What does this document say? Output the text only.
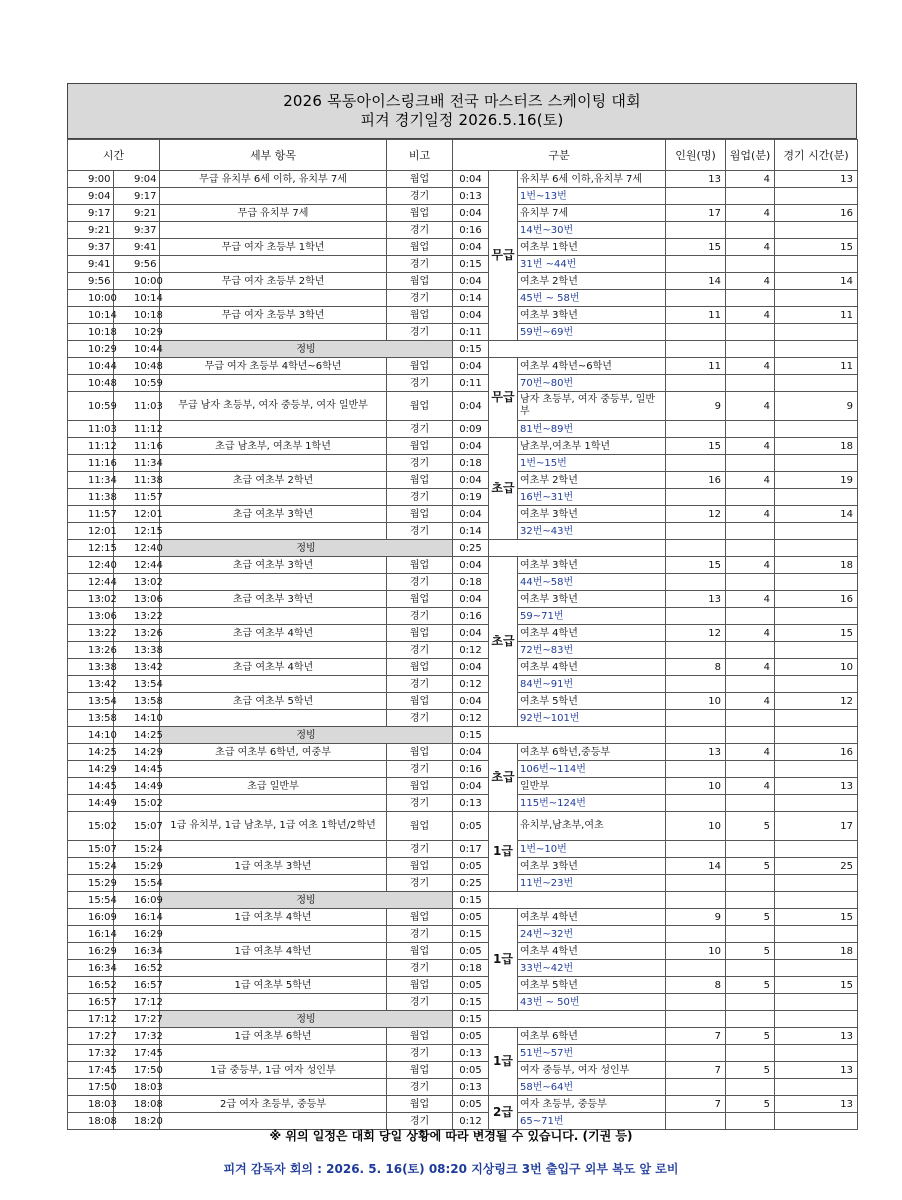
2026 목동아이스링크배 전국 마스터즈 스케이팅 대회
피겨 경기일정 2026.5.16(토)
시간		세부 항목	비고	구분			인원(명)	웜업(분)	경기 시간(분)
9:00	9:04	무급 유치부 6세 이하, 유치부 7세	웜업	0:04	무급	유치부 6세 이하,유치부 7세	13	4	13
9:04	9:17		경기	0:13		1번~13번			
9:17	9:21	무급 유치부 7세	웜업	0:04		유치부 7세	17	4	16
9:21	9:37		경기	0:16		14번~30번			
9:37	9:41	무급 여자 초등부 1학년	웜업	0:04		여초부 1학년	15	4	15
9:41	9:56		경기	0:15		31번 ~44번			
9:56	10:00	무급 여자 초등부 2학년	웜업	0:04		여초부 2학년	14	4	14
10:00	10:14		경기	0:14		45번 ~ 58번			
10:14	10:18	무급 여자 초등부 3학년	웜업	0:04		여초부 3학년	11	4	11
10:18	10:29		경기	0:11		59번~69번			
10:29	10:44	정빙		0:15					
10:44	10:48	무급 여자 초등부 4학년~6학년	웜업	0:04	무급	여초부 4학년~6학년	11	4	11
10:48	10:59		경기	0:11		70번~80번			
10:59	11:03	무급 남자 초등부, 여자 중등부, 여자 일반부	웜업	0:04		남자 초등부, 여자 중등부, 일반부	9	4	9
11:03	11:12		경기	0:09		81번~89번			
11:12	11:16	초급 남초부, 여초부 1학년	웜업	0:04	초급	남초부,여초부 1학년	15	4	18
11:16	11:34		경기	0:18		1번~15번			
11:34	11:38	초급 여초부 2학년	웜업	0:04		여초부 2학년	16	4	19
11:38	11:57		경기	0:19		16번~31번			
11:57	12:01	초급 여초부 3학년	웜업	0:04		여초부 3학년	12	4	14
12:01	12:15		경기	0:14		32번~43번			
12:15	12:40	정빙		0:25					
12:40	12:44	초급 여초부 3학년	웜업	0:04	초급	여초부 3학년	15	4	18
12:44	13:02		경기	0:18		44번~58번			
13:02	13:06	초급 여초부 3학년	웜업	0:04		여초부 3학년	13	4	16
13:06	13:22		경기	0:16		59~71번			
13:22	13:26	초급 여초부 4학년	웜업	0:04		여초부 4학년	12	4	15
13:26	13:38		경기	0:12		72번~83번			
13:38	13:42	초급 여초부 4학년	웜업	0:04		여초부 4학년	8	4	10
13:42	13:54		경기	0:12		84번~91번			
13:54	13:58	초급 여초부 5학년	웜업	0:04		여초부 5학년	10	4	12
13:58	14:10		경기	0:12		92번~101번			
14:10	14:25	정빙		0:15					
14:25	14:29	초급 여초부 6학년, 여중부	웜업	0:04	초급	여초부 6학년,중등부	13	4	16
14:29	14:45		경기	0:16		106번~114번			
14:45	14:49	초급 일반부	웜업	0:04		일반부	10	4	13
14:49	15:02		경기	0:13		115번~124번			
15:02	15:07	1급 유치부, 1급 남초부, 1급 여초 1학년/2학년	웜업	0:05	1급	유치부,남초부,여초	10	5	17
15:07	15:24		경기	0:17		1번~10번			
15:24	15:29	1급 여초부 3학년	웜업	0:05		여초부 3학년	14	5	25
15:29	15:54		경기	0:25		11번~23번			
15:54	16:09	정빙		0:15					
16:09	16:14	1급 여초부 4학년	웜업	0:05	1급	여초부 4학년	9	5	15
16:14	16:29		경기	0:15		24번~32번			
16:29	16:34	1급 여초부 4학년	웜업	0:05		여초부 4학년	10	5	18
16:34	16:52		경기	0:18		33번~42번			
16:52	16:57	1급 여초부 5학년	웜업	0:05		여초부 5학년	8	5	15
16:57	17:12		경기	0:15		43번 ~ 50번			
17:12	17:27	정빙		0:15					
17:27	17:32	1급 여초부 6학년	웜업	0:05	1급	여초부 6학년	7	5	13
17:32	17:45		경기	0:13		51번~57번			
17:45	17:50	1급 중등부, 1급 여자 성인부	웜업	0:05		여자 중등부, 여자 성인부	7	5	13
17:50	18:03		경기	0:13		58번~64번			
18:03	18:08	2급 여자 초등부, 중등부	웜업	0:05	2급	여자 초등부, 중등부	7	5	13
18:08	18:20		경기	0:12		65~71번			
※ 위의 일정은 대회 당일 상황에 따라 변경될 수 있습니다. (기권 등)
피겨 감독자 회의 : 2026. 5. 16(토) 08:20 지상링크 3번 출입구 외부 복도 앞 로비
